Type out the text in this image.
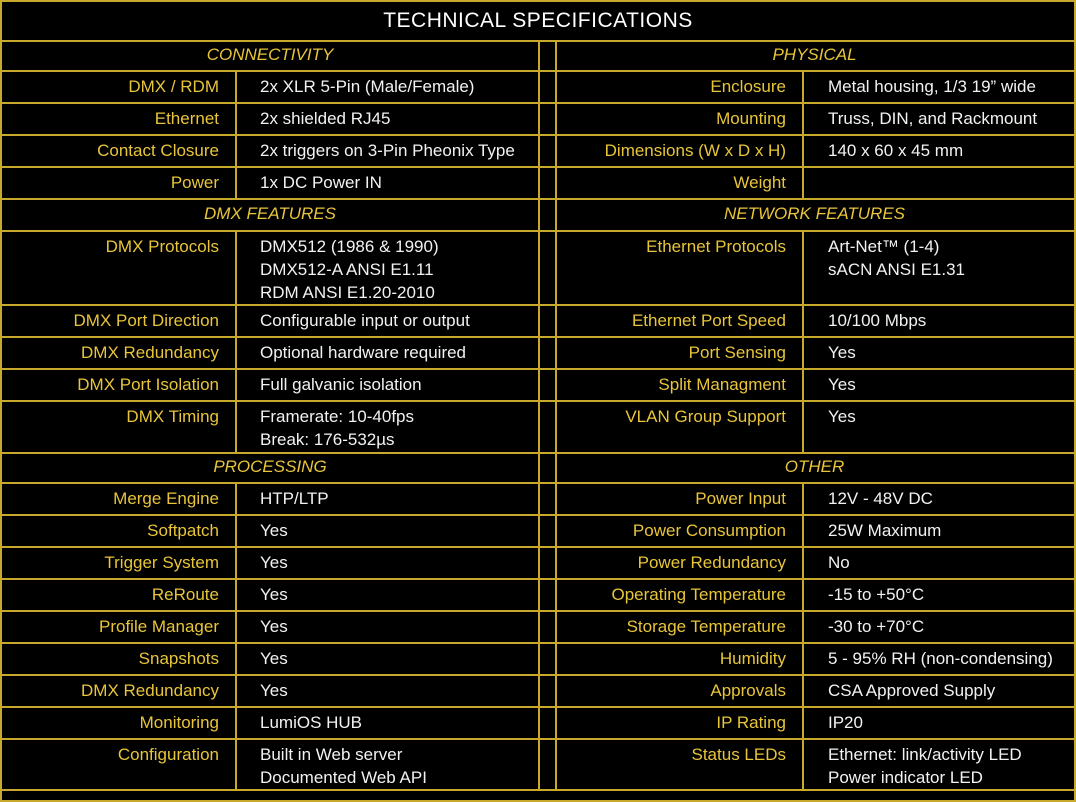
TECHNICAL SPECIFICATIONS
CONNECTIVITY
DMX / RDM 2x XLR 5-Pin (Male/Female)
Ethernet 2x shielded RJ45
Contact Closure 2x triggers on 3-Pin Pheonix Type
Power 1x DC Power IN
DMX FEATURES
DMX Protocols DMX512 (1986 & 1990)
DMX512-A ANSI E1.11
RDM ANSI E1.20-2010
DMX Port Direction Configurable input or output
DMX Redundancy Optional hardware required
DMX Port Isolation Full galvanic isolation
DMX Timing Framerate: 10-40fps
Break: 176-532µs
PROCESSING
Merge Engine HTP/LTP
Softpatch Yes
Trigger System Yes
ReRoute Yes
Profile Manager Yes
Snapshots Yes
DMX Redundancy Yes
Monitoring LumiOS HUB
Configuration Built in Web server
Documented Web API
PHYSICAL
Enclosure Metal housing, 1/3 19” wide
Mounting Truss, DIN, and Rackmount
Dimensions (W x D x H) 140 x 60 x 45 mm
Weight
NETWORK FEATURES
Ethernet Protocols Art-Net™ (1-4)
sACN ANSI E1.31
Ethernet Port Speed 10/100 Mbps
Port Sensing Yes
Split Managment Yes
VLAN Group Support Yes
OTHER
Power Input 12V - 48V DC
Power Consumption 25W Maximum
Power Redundancy No
Operating Temperature -15 to +50°C
Storage Temperature -30 to +70°C
Humidity 5 - 95% RH (non-condensing)
Approvals CSA Approved Supply
IP Rating IP20
Status LEDs Ethernet: link/activity LED
Power indicator LED
